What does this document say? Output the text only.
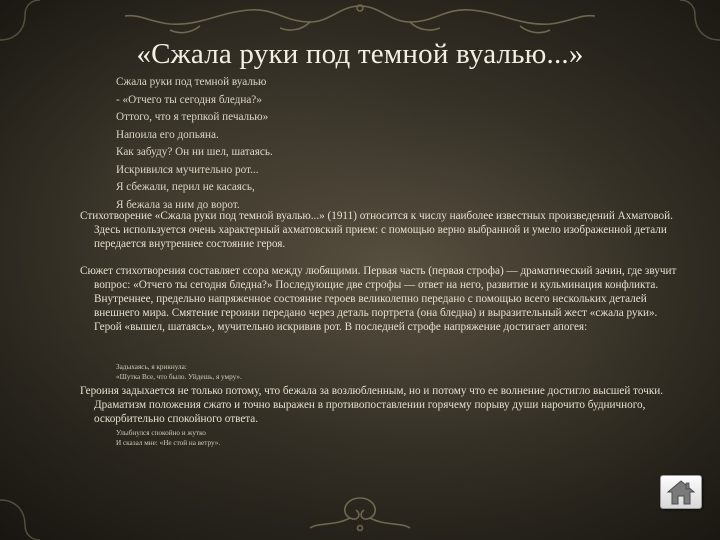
«Сжала руки под темной вуалью...»
Сжала руки под темной вуалью
- «Отчего ты сегодня бледна?»
Оттого, что я терпкой печалью»
Напоила его допьяна.
Как забуду? Он ни шел, шатаясь.
Искривился мучительно рот...
Я сбежали, перил не касаясь,
Я бежала за ним до ворот.
Стихотворение «Сжала руки под темной вуалью...» (1911) относится к числу наиболее известных произведений Ахматовой. Здесь используется очень характерный ахматовский прием: с помощью верно выбранной и умело изображенной детали передается внутреннее состояние героя.
Сюжет стихотворения составляет ссора между любящими. Первая часть (первая строфа) — драматический зачин, где звучит вопрос: «Отчего ты сегодня бледна?» Последующие две строфы — ответ на него, развитие и кульминация конфликта. Внутреннее, предельно напряженное состояние героев великолепно передано с помощью всего нескольких деталей внешнего мира. Смятение героини передано через деталь портрета (она бледна) и выразительный жест «сжала руки». Герой «вышел, шатаясь», мучительно искривив рот. В последней строфе напряжение достигает апогея:
Задыхаясь, я крикнула:
«Шутка Все, что было. Уйдешь, я умру».
Героиня задыхается не только потому, что бежала за возлюбленным, но и потому что ее волнение достигло высшей точки. Драматизм положения сжато и точно выражен в противопоставлении горячему порыву души нарочито будничного, оскорбительно спокойного ответа.
Улыбнулся спокойно и жутко
И сказал мне: «Не стой на ветру».
